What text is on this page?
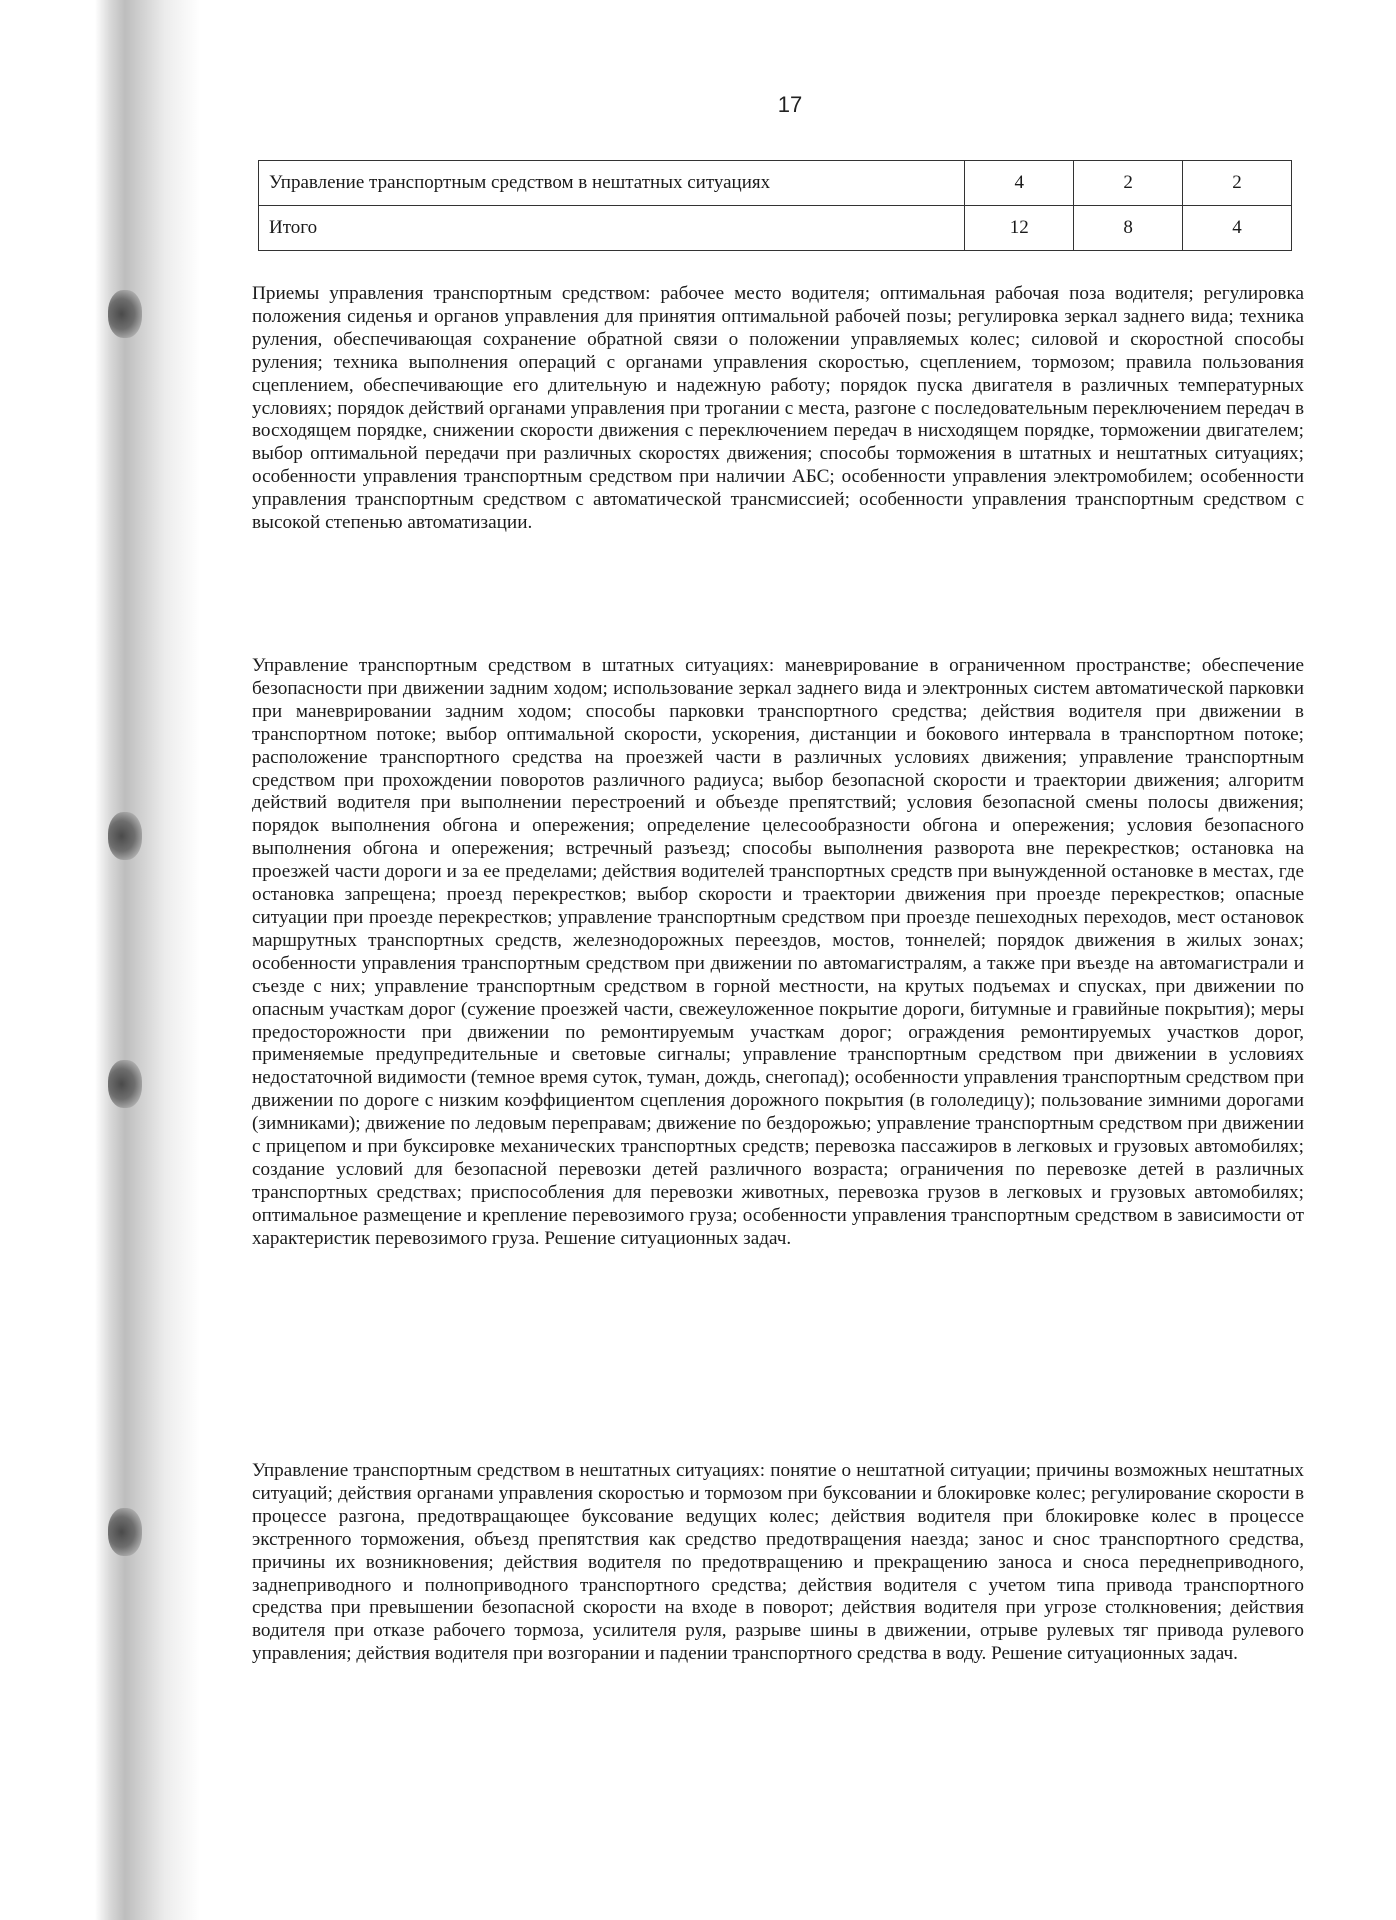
17
Управление транспортным средством в нештатных ситуациях	4	2	2
Итого	12	8	4
Приемы управления транспортным средством: рабочее место водителя; оптимальная рабочая поза водителя; регулировка положения сиденья и органов управления для принятия оптимальной рабочей позы; регулировка зеркал заднего вида; техника руления, обеспечивающая сохранение обратной связи о положении управляемых колес; силовой и скоростной способы руления; техника выполнения операций с органами управления скоростью, сцеплением, тормозом; правила пользования сцеплением, обеспечивающие его длительную и надежную работу; порядок пуска двигателя в различных температурных условиях; порядок действий органами управления при трогании с места, разгоне с последовательным переключением передач в восходящем порядке, снижении скорости движения с переключением передач в нисходящем порядке, торможении двигателем; выбор оптимальной передачи при различных скоростях движения; способы торможения в штатных и нештатных ситуациях; особенности управления транспортным средством при наличии АБС; особенности управления электромобилем; особенности управления транспортным средством с автоматической трансмиссией; особенности управления транспортным средством с высокой степенью автоматизации.
Управление транспортным средством в штатных ситуациях: маневрирование в ограниченном пространстве; обеспечение безопасности при движении задним ходом; использование зеркал заднего вида и электронных систем автоматической парковки при маневрировании задним ходом; способы парковки транспортного средства; действия водителя при движении в транспортном потоке; выбор оптимальной скорости, ускорения, дистанции и бокового интервала в транспортном потоке; расположение транспортного средства на проезжей части в различных условиях движения; управление транспортным средством при прохождении поворотов различного радиуса; выбор безопасной скорости и траектории движения; алгоритм действий водителя при выполнении перестроений и объезде препятствий; условия безопасной смены полосы движения; порядок выполнения обгона и опережения; определение целесообразности обгона и опережения; условия безопасного выполнения обгона и опережения; встречный разъезд; способы выполнения разворота вне перекрестков; остановка на проезжей части дороги и за ее пределами; действия водителей транспортных средств при вынужденной остановке в местах, где остановка запрещена; проезд перекрестков; выбор скорости и траектории движения при проезде перекрестков; опасные ситуации при проезде перекрестков; управление транспортным средством при проезде пешеходных переходов, мест остановок маршрутных транспортных средств, железнодорожных переездов, мостов, тоннелей; порядок движения в жилых зонах; особенности управления транспортным средством при движении по автомагистралям, а также при въезде на автомагистрали и съезде с них; управление транспортным средством в горной местности, на крутых подъемах и спусках, при движении по опасным участкам дорог (сужение проезжей части, свежеуложенное покрытие дороги, битумные и гравийные покрытия); меры предосторожности при движении по ремонтируемым участкам дорог; ограждения ремонтируемых участков дорог, применяемые предупредительные и световые сигналы; управление транспортным средством при движении в условиях недостаточной видимости (темное время суток, туман, дождь, снегопад); особенности управления транспортным средством при движении по дороге с низким коэффициентом сцепления дорожного покрытия (в гололедицу); пользование зимними дорогами (зимниками); движение по ледовым переправам; движение по бездорожью; управление транспортным средством при движении с прицепом и при буксировке механических транспортных средств; перевозка пассажиров в легковых и грузовых автомобилях; создание условий для безопасной перевозки детей различного возраста; ограничения по перевозке детей в различных транспортных средствах; приспособления для перевозки животных, перевозка грузов в легковых и грузовых автомобилях; оптимальное размещение и крепление перевозимого груза; особенности управления транспортным средством в зависимости от характеристик перевозимого груза. Решение ситуационных задач.
Управление транспортным средством в нештатных ситуациях: понятие о нештатной ситуации; причины возможных нештатных ситуаций; действия органами управления скоростью и тормозом при буксовании и блокировке колес; регулирование скорости в процессе разгона, предотвращающее буксование ведущих колес; действия водителя при блокировке колес в процессе экстренного торможения, объезд препятствия как средство предотвращения наезда; занос и снос транспортного средства, причины их возникновения; действия водителя по предотвращению и прекращению заноса и сноса переднеприводного, заднеприводного и полноприводного транспортного средства; действия водителя с учетом типа привода транспортного средства при превышении безопасной скорости на входе в поворот; действия водителя при угрозе столкновения; действия водителя при отказе рабочего тормоза, усилителя руля, разрыве шины в движении, отрыве рулевых тяг привода рулевого управления; действия водителя при возгорании и падении транспортного средства в воду. Решение ситуационных задач.
